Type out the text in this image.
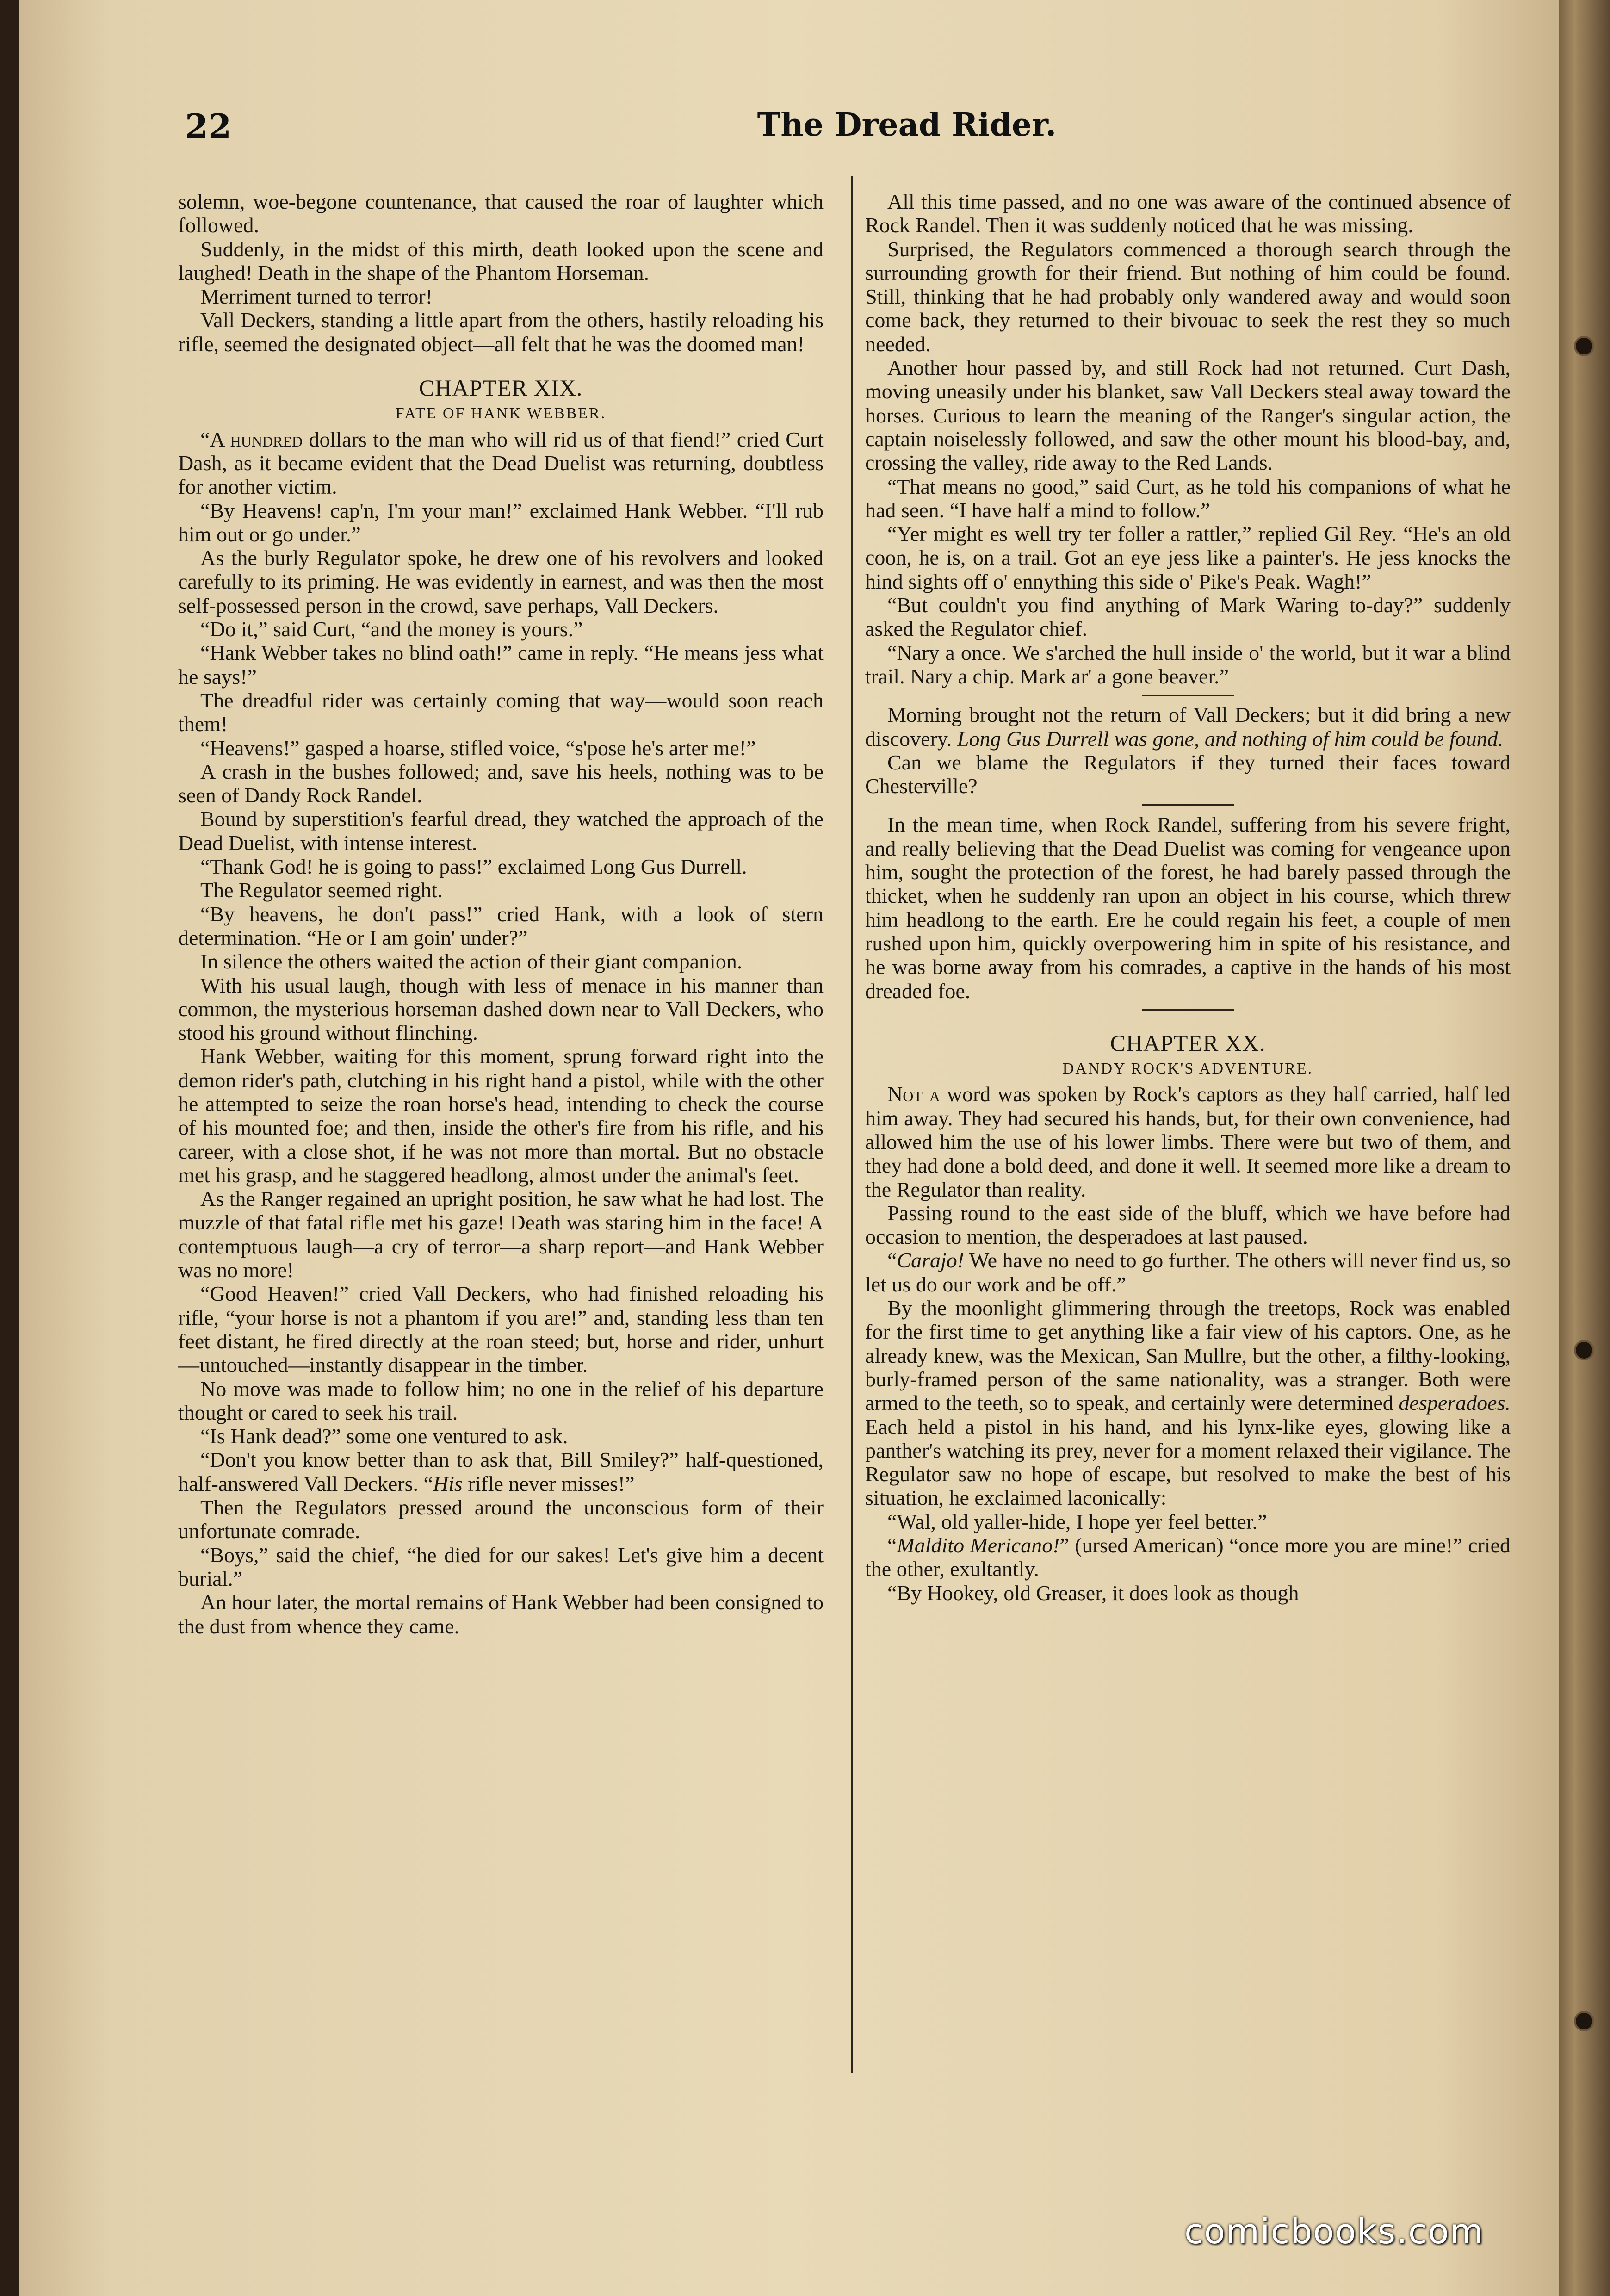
22	The Dread Rider.

solemn, woe-begone countenance, that caused the roar of laughter which followed.

Suddenly, in the midst of this mirth, death looked upon the scene and laughed! Death in the shape of the Phantom Horseman.

Merriment turned to terror!

Vall Deckers, standing a little apart from the others, hastily reloading his rifle, seemed the designated object—all felt that he was the doomed man!

CHAPTER XIX.
FATE OF HANK WEBBER.

“A hundred dollars to the man who will rid us of that fiend!” cried Curt Dash, as it became evident that the Dead Duelist was returning, doubtless for another victim.

“By Heavens! cap'n, I'm your man!” exclaimed Hank Webber. “I'll rub him out or go under.”

As the burly Regulator spoke, he drew one of his revolvers and looked carefully to its priming. He was evidently in earnest, and was then the most self-possessed person in the crowd, save perhaps, Vall Deckers.

“Do it,” said Curt, “and the money is yours.”

“Hank Webber takes no blind oath!” came in reply. “He means jess what he says!”

The dreadful rider was certainly coming that way—would soon reach them!

“Heavens!” gasped a hoarse, stifled voice, “s'pose he's arter me!”

A crash in the bushes followed; and, save his heels, nothing was to be seen of Dandy Rock Randel.

Bound by superstition's fearful dread, they watched the approach of the Dead Duelist, with intense interest.

“Thank God! he is going to pass!” exclaimed Long Gus Durrell.

The Regulator seemed right.

“By heavens, he don't pass!” cried Hank, with a look of stern determination. “He or I am goin' under?”

In silence the others waited the action of their giant companion.

With his usual laugh, though with less of menace in his manner than common, the mysterious horseman dashed down near to Vall Deckers, who stood his ground without flinching.

Hank Webber, waiting for this moment, sprung forward right into the demon rider's path, clutching in his right hand a pistol, while with the other he attempted to seize the roan horse's head, intending to check the course of his mounted foe; and then, inside the other's fire from his rifle, and his career, with a close shot, if he was not more than mortal. But no obstacle met his grasp, and he staggered headlong, almost under the animal's feet.

As the Ranger regained an upright position, he saw what he had lost. The muzzle of that fatal rifle met his gaze! Death was staring him in the face! A contemptuous laugh—a cry of terror—a sharp report—and Hank Webber was no more!

“Good Heaven!” cried Vall Deckers, who had finished reloading his rifle, “your horse is not a phantom if you are!” and, standing less than ten feet distant, he fired directly at the roan steed; but, horse and rider, unhurt—untouched—instantly disappear in the timber.

No move was made to follow him; no one in the relief of his departure thought or cared to seek his trail.

“Is Hank dead?” some one ventured to ask.

“Don't you know better than to ask that, Bill Smiley?” half-questioned, half-answered Vall Deckers. “His rifle never misses!”

Then the Regulators pressed around the unconscious form of their unfortunate comrade.

“Boys,” said the chief, “he died for our sakes! Let's give him a decent burial.”

An hour later, the mortal remains of Hank Webber had been consigned to the dust from whence they came.

All this time passed, and no one was aware of the continued absence of Rock Randel. Then it was suddenly noticed that he was missing.

Surprised, the Regulators commenced a thorough search through the surrounding growth for their friend. But nothing of him could be found. Still, thinking that he had probably only wandered away and would soon come back, they returned to their bivouac to seek the rest they so much needed.

Another hour passed by, and still Rock had not returned. Curt Dash, moving uneasily under his blanket, saw Vall Deckers steal away toward the horses. Curious to learn the meaning of the Ranger's singular action, the captain noiselessly followed, and saw the other mount his blood-bay, and, crossing the valley, ride away to the Red Lands.

“That means no good,” said Curt, as he told his companions of what he had seen. “I have half a mind to follow.”

“Yer might es well try ter foller a rattler,” replied Gil Rey. “He's an old coon, he is, on a trail. Got an eye jess like a painter's. He jess knocks the hind sights off o' ennything this side o' Pike's Peak. Wagh!”

“But couldn't you find anything of Mark Waring to-day?” suddenly asked the Regulator chief.

“Nary a once. We s'arched the hull inside o' the world, but it war a blind trail. Nary a chip. Mark ar' a gone beaver.”

Morning brought not the return of Vall Deckers; but it did bring a new discovery. Long Gus Durrell was gone, and nothing of him could be found.

Can we blame the Regulators if they turned their faces toward Chesterville?

In the mean time, when Rock Randel, suffering from his severe fright, and really believing that the Dead Duelist was coming for vengeance upon him, sought the protection of the forest, he had barely passed through the thicket, when he suddenly ran upon an object in his course, which threw him headlong to the earth. Ere he could regain his feet, a couple of men rushed upon him, quickly overpowering him in spite of his resistance, and he was borne away from his comrades, a captive in the hands of his most dreaded foe.

CHAPTER XX.
DANDY ROCK'S ADVENTURE.

Not a word was spoken by Rock's captors as they half carried, half led him away. They had secured his hands, but, for their own convenience, had allowed him the use of his lower limbs. There were but two of them, and they had done a bold deed, and done it well. It seemed more like a dream to the Regulator than reality.

Passing round to the east side of the bluff, which we have before had occasion to mention, the desperadoes at last paused.

“Carajo! We have no need to go further. The others will never find us, so let us do our work and be off.”

By the moonlight glimmering through the treetops, Rock was enabled for the first time to get anything like a fair view of his captors. One, as he already knew, was the Mexican, San Mullre, but the other, a filthy-looking, burly-framed person of the same nationality, was a stranger. Both were armed to the teeth, so to speak, and certainly were determined desperadoes. Each held a pistol in his hand, and his lynx-like eyes, glowing like a panther's watching its prey, never for a moment relaxed their vigilance. The Regulator saw no hope of escape, but resolved to make the best of his situation, he exclaimed laconically:

“Wal, old yaller-hide, I hope yer feel better.”

“Maldito Mericano!” (ursed American) “once more you are mine!” cried the other, exultantly.

“By Hookey, old Greaser, it does look as though

comicbooks.com
